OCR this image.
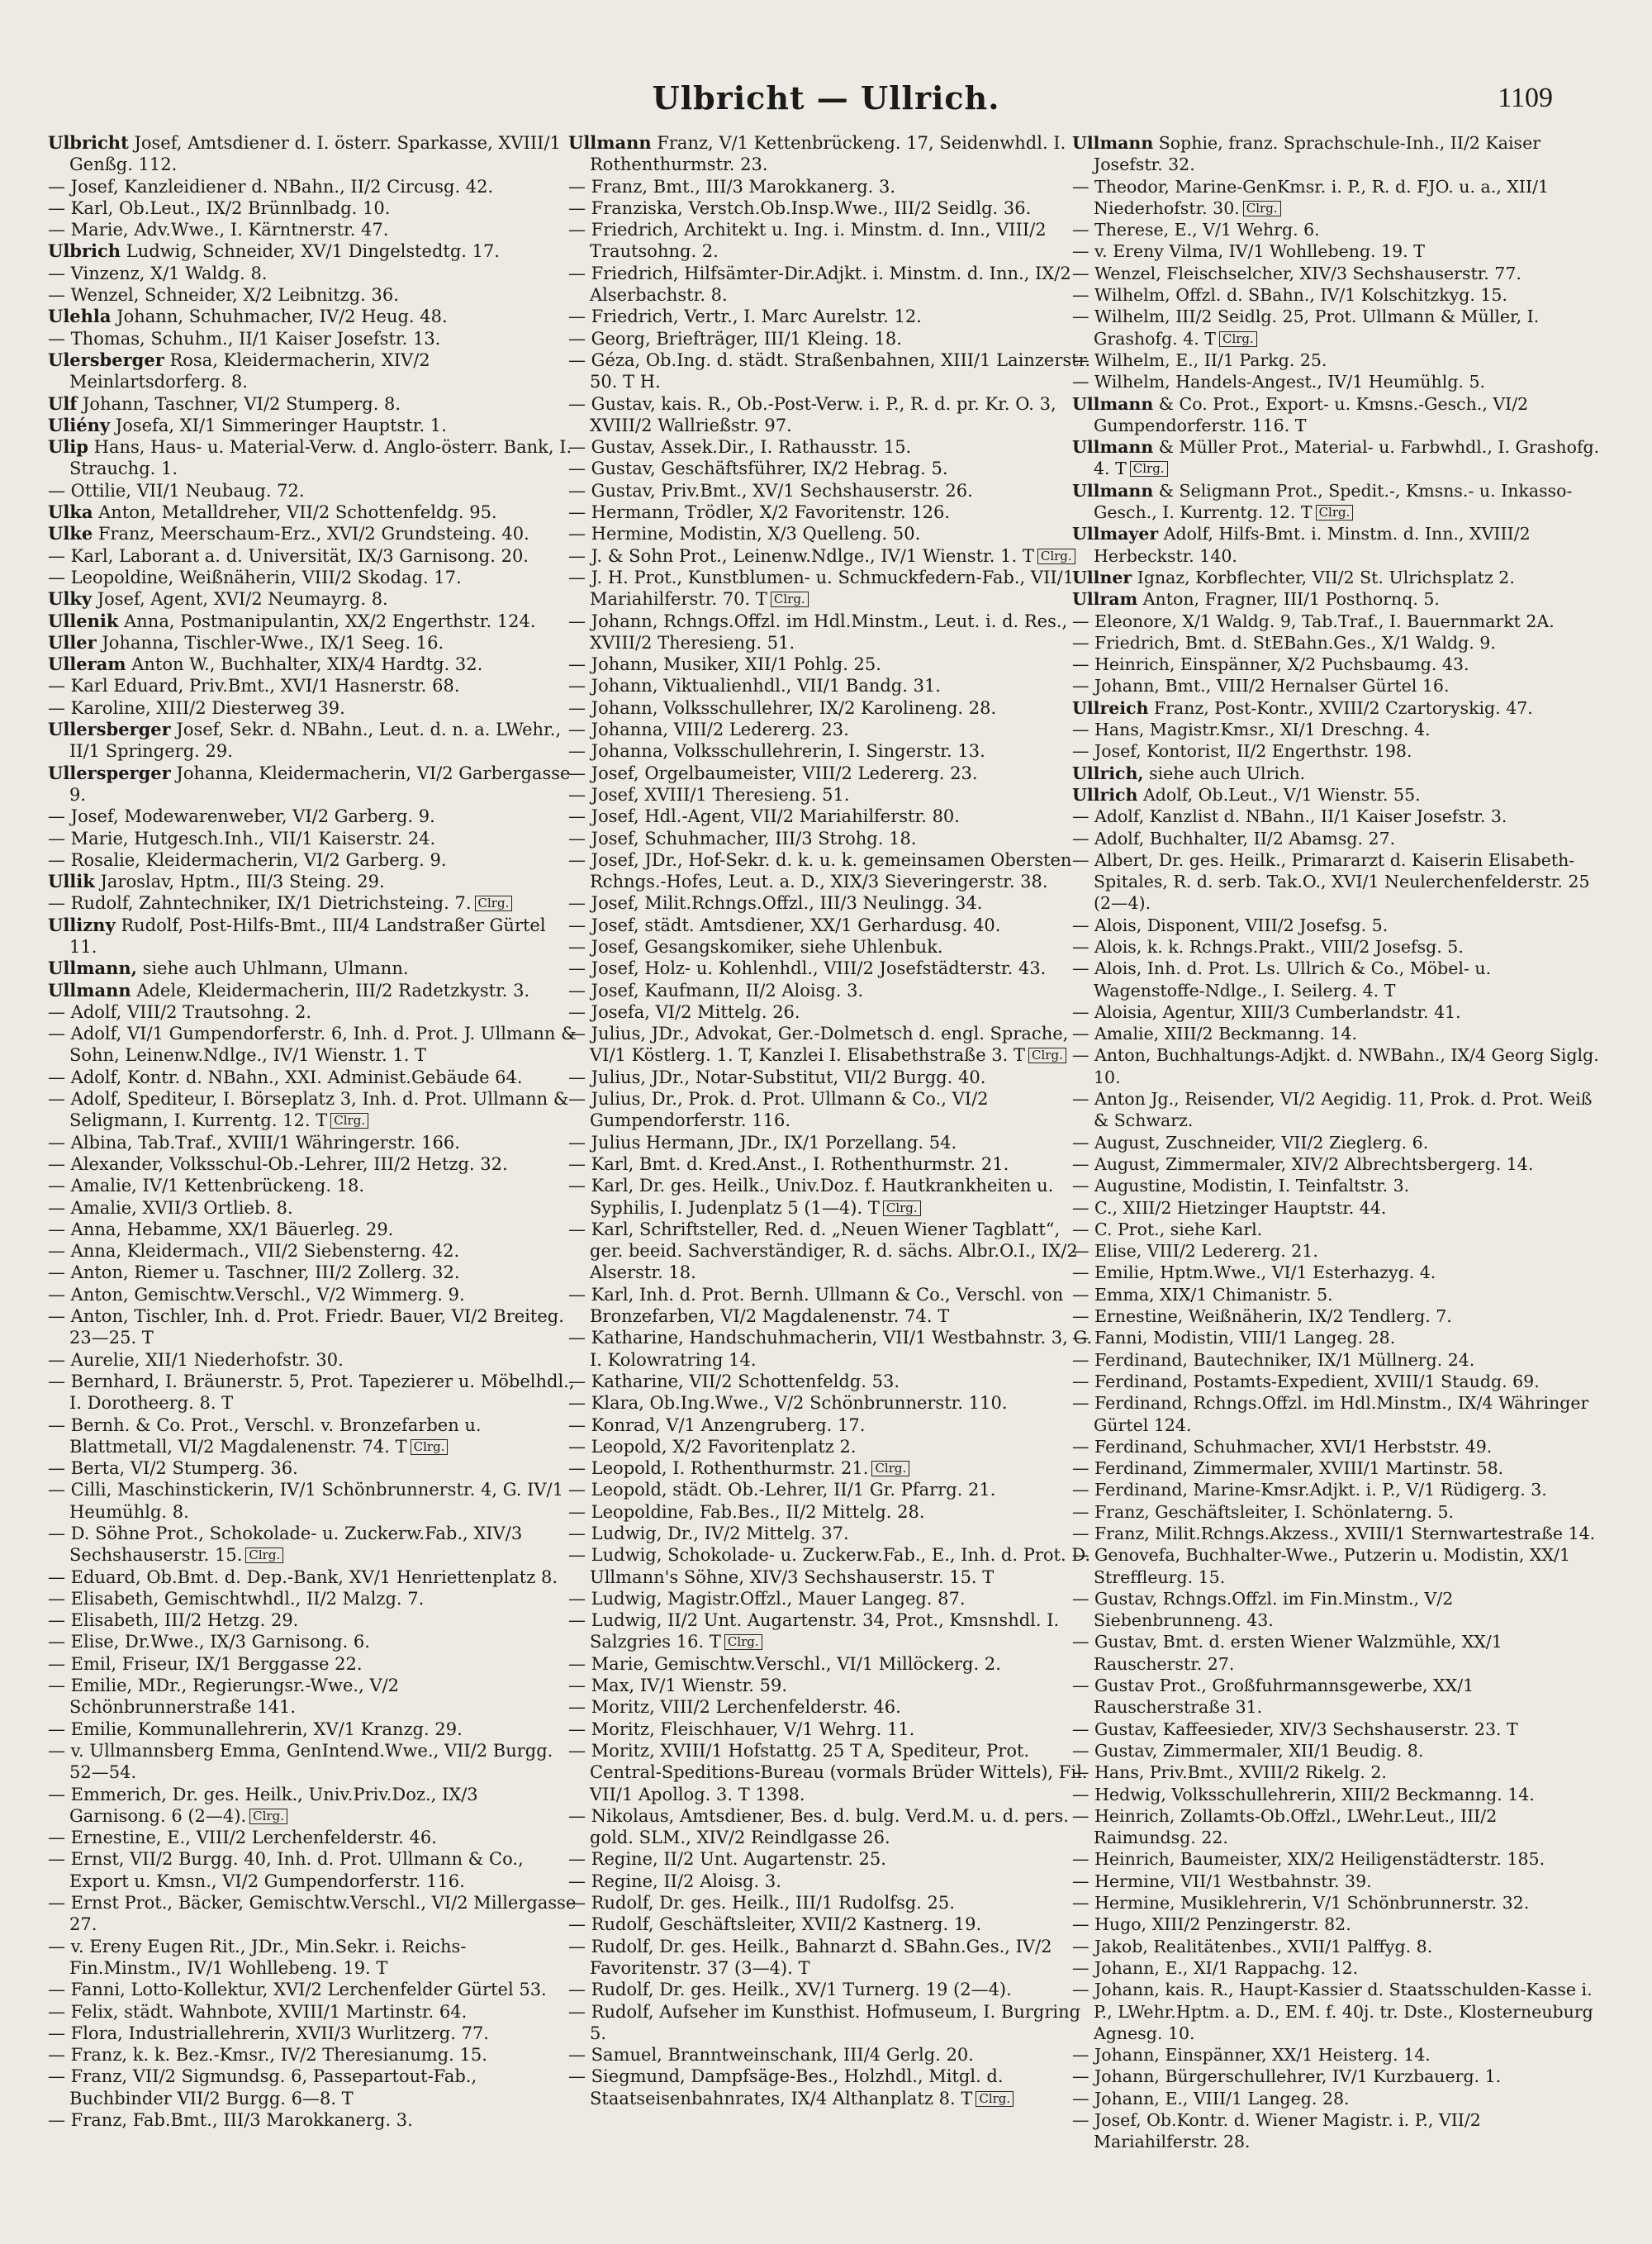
Ulbricht — Ullrich.	1109
Ulbricht Josef, Amtsdiener d. I. österr. Sparkasse, XVIII/1 Genßg. 112.
— Josef, Kanzleidiener d. NBahn., II/2 Circusg. 42.
— Karl, Ob.Leut., IX/2 Brünnlbadg. 10.
— Marie, Adv.Wwe., I. Kärntnerstr. 47.
Ulbrich Ludwig, Schneider, XV/1 Dingelstedtg. 17.
— Vinzenz, X/1 Waldg. 8.
— Wenzel, Schneider, X/2 Leibnitzg. 36.
Ulehla Johann, Schuhmacher, IV/2 Heug. 48.
— Thomas, Schuhm., II/1 Kaiser Josefstr. 13.
Ulersberger Rosa, Kleidermacherin, XIV/2 Meinlartsdorferg. 8.
Ulf Johann, Taschner, VI/2 Stumperg. 8.
Uliény Josefa, XI/1 Simmeringer Hauptstr. 1.
Ulip Hans, Haus- u. Material-Verw. d. Anglo-österr. Bank, I. Strauchg. 1.
— Ottilie, VII/1 Neubaug. 72.
Ulka Anton, Metalldreher, VII/2 Schottenfeldg. 95.
Ulke Franz, Meerschaum-Erz., XVI/2 Grundsteing. 40.
— Karl, Laborant a. d. Universität, IX/3 Garnisong. 20.
— Leopoldine, Weißnäherin, VIII/2 Skodag. 17.
Ulky Josef, Agent, XVI/2 Neumayrg. 8.
Ullenik Anna, Postmanipulantin, XX/2 Engerthstr. 124.
Uller Johanna, Tischler-Wwe., IX/1 Seeg. 16.
Ulleram Anton W., Buchhalter, XIX/4 Hardtg. 32.
— Karl Eduard, Priv.Bmt., XVI/1 Hasnerstr. 68.
— Karoline, XIII/2 Diesterweg 39.
Ullersberger Josef, Sekr. d. NBahn., Leut. d. n. a. LWehr., II/1 Springerg. 29.
Ullersperger Johanna, Kleidermacherin, VI/2 Garbergasse 9.
— Josef, Modewarenweber, VI/2 Garberg. 9.
— Marie, Hutgesch.Inh., VII/1 Kaiserstr. 24.
— Rosalie, Kleidermacherin, VI/2 Garberg. 9.
Ullik Jaroslav, Hptm., III/3 Steing. 29.
— Rudolf, Zahntechniker, IX/1 Dietrichsteing. 7. Clrg.
Ullizny Rudolf, Post-Hilfs-Bmt., III/4 Landstraßer Gürtel 11.
Ullmann, siehe auch Uhlmann, Ulmann.
Ullmann Adele, Kleidermacherin, III/2 Radetzkystr. 3.
— Adolf, VIII/2 Trautsohng. 2.
— Adolf, VI/1 Gumpendorferstr. 6, Inh. d. Prot. J. Ullmann & Sohn, Leinenw.Ndlge., IV/1 Wienstr. 1. T
— Adolf, Kontr. d. NBahn., XXI. Administ.Gebäude 64.
— Adolf, Spediteur, I. Börseplatz 3, Inh. d. Prot. Ullmann & Seligmann, I. Kurrentg. 12. T Clrg.
— Albina, Tab.Traf., XVIII/1 Währingerstr. 166.
— Alexander, Volksschul-Ob.-Lehrer, III/2 Hetzg. 32.
— Amalie, IV/1 Kettenbrückeng. 18.
— Amalie, XVII/3 Ortlieb. 8.
— Anna, Hebamme, XX/1 Bäuerleg. 29.
— Anna, Kleidermach., VII/2 Siebensterng. 42.
— Anton, Riemer u. Taschner, III/2 Zollerg. 32.
— Anton, Gemischtw.Verschl., V/2 Wimmerg. 9.
— Anton, Tischler, Inh. d. Prot. Friedr. Bauer, VI/2 Breiteg. 23—25. T
— Aurelie, XII/1 Niederhofstr. 30.
— Bernhard, I. Bräunerstr. 5, Prot. Tapezierer u. Möbelhdl., I. Dorotheerg. 8. T
— Bernh. & Co. Prot., Verschl. v. Bronzefarben u. Blattmetall, VI/2 Magdalenenstr. 74. T Clrg.
— Berta, VI/2 Stumperg. 36.
— Cilli, Maschinstickerin, IV/1 Schönbrunnerstr. 4, G. IV/1 Heumühlg. 8.
— D. Söhne Prot., Schokolade- u. Zuckerw.Fab., XIV/3 Sechshauserstr. 15. Clrg.
— Eduard, Ob.Bmt. d. Dep.-Bank, XV/1 Henriettenplatz 8.
— Elisabeth, Gemischtwhdl., II/2 Malzg. 7.
— Elisabeth, III/2 Hetzg. 29.
— Elise, Dr.Wwe., IX/3 Garnisong. 6.
— Emil, Friseur, IX/1 Berggasse 22.
— Emilie, MDr., Regierungsr.-Wwe., V/2 Schönbrunnerstraße 141.
— Emilie, Kommunallehrerin, XV/1 Kranzg. 29.
— v. Ullmannsberg Emma, GenIntend.Wwe., VII/2 Burgg. 52—54.
— Emmerich, Dr. ges. Heilk., Univ.Priv.Doz., IX/3 Garnisong. 6 (2—4). Clrg.
— Ernestine, E., VIII/2 Lerchenfelderstr. 46.
— Ernst, VII/2 Burgg. 40, Inh. d. Prot. Ullmann & Co., Export u. Kmsn., VI/2 Gumpendorferstr. 116.
— Ernst Prot., Bäcker, Gemischtw.Verschl., VI/2 Millergasse 27.
— v. Ereny Eugen Rit., JDr., Min.Sekr. i. Reichs-Fin.Minstm., IV/1 Wohllebeng. 19. T
— Fanni, Lotto-Kollektur, XVI/2 Lerchenfelder Gürtel 53.
— Felix, städt. Wahnbote, XVIII/1 Martinstr. 64.
— Flora, Industriallehrerin, XVII/3 Wurlitzerg. 77.
— Franz, k. k. Bez.-Kmsr., IV/2 Theresianumg. 15.
— Franz, VII/2 Sigmundsg. 6, Passepartout-Fab., Buchbinder VII/2 Burgg. 6—8. T
— Franz, Fab.Bmt., III/3 Marokkanerg. 3.
Ullmann Franz, V/1 Kettenbrückeng. 17, Seidenwhdl. I. Rothenthurmstr. 23.
— Franz, Bmt., III/3 Marokkanerg. 3.
— Franziska, Verstch.Ob.Insp.Wwe., III/2 Seidlg. 36.
— Friedrich, Architekt u. Ing. i. Minstm. d. Inn., VIII/2 Trautsohng. 2.
— Friedrich, Hilfsämter-Dir.Adjkt. i. Minstm. d. Inn., IX/2 Alserbachstr. 8.
— Friedrich, Vertr., I. Marc Aurelstr. 12.
— Georg, Briefträger, III/1 Kleing. 18.
— Géza, Ob.Ing. d. städt. Straßenbahnen, XIII/1 Lainzerstr. 50. T H.
— Gustav, kais. R., Ob.-Post-Verw. i. P., R. d. pr. Kr. O. 3, XVIII/2 Wallrießstr. 97.
— Gustav, Assek.Dir., I. Rathausstr. 15.
— Gustav, Geschäftsführer, IX/2 Hebrag. 5.
— Gustav, Priv.Bmt., XV/1 Sechshauserstr. 26.
— Hermann, Trödler, X/2 Favoritenstr. 126.
— Hermine, Modistin, X/3 Quelleng. 50.
— J. & Sohn Prot., Leinenw.Ndlge., IV/1 Wienstr. 1. T Clrg.
— J. H. Prot., Kunstblumen- u. Schmuckfedern-Fab., VII/1 Mariahilferstr. 70. T Clrg.
— Johann, Rchngs.Offzl. im Hdl.Minstm., Leut. i. d. Res., XVIII/2 Theresieng. 51.
— Johann, Musiker, XII/1 Pohlg. 25.
— Johann, Viktualienhdl., VII/1 Bandg. 31.
— Johann, Volksschullehrer, IX/2 Karolineng. 28.
— Johanna, VIII/2 Ledererg. 23.
— Johanna, Volksschullehrerin, I. Singerstr. 13.
— Josef, Orgelbaumeister, VIII/2 Ledererg. 23.
— Josef, XVIII/1 Theresieng. 51.
— Josef, Hdl.-Agent, VII/2 Mariahilferstr. 80.
— Josef, Schuhmacher, III/3 Strohg. 18.
— Josef, JDr., Hof-Sekr. d. k. u. k. gemeinsamen Obersten Rchngs.-Hofes, Leut. a. D., XIX/3 Sieveringerstr. 38.
— Josef, Milit.Rchngs.Offzl., III/3 Neulingg. 34.
— Josef, städt. Amtsdiener, XX/1 Gerhardusg. 40.
— Josef, Gesangskomiker, siehe Uhlenbuk.
— Josef, Holz- u. Kohlenhdl., VIII/2 Josefstädterstr. 43.
— Josef, Kaufmann, II/2 Aloisg. 3.
— Josefa, VI/2 Mittelg. 26.
— Julius, JDr., Advokat, Ger.-Dolmetsch d. engl. Sprache, VI/1 Köstlerg. 1. T, Kanzlei I. Elisabethstraße 3. T Clrg.
— Julius, JDr., Notar-Substitut, VII/2 Burgg. 40.
— Julius, Dr., Prok. d. Prot. Ullmann & Co., VI/2 Gumpendorferstr. 116.
— Julius Hermann, JDr., IX/1 Porzellang. 54.
— Karl, Bmt. d. Kred.Anst., I. Rothenthurmstr. 21.
— Karl, Dr. ges. Heilk., Univ.Doz. f. Hautkrankheiten u. Syphilis, I. Judenplatz 5 (1—4). T Clrg.
— Karl, Schriftsteller, Red. d. „Neuen Wiener Tagblatt“, ger. beeid. Sachverständiger, R. d. sächs. Albr.O.I., IX/2 Alserstr. 18.
— Karl, Inh. d. Prot. Bernh. Ullmann & Co., Verschl. von Bronzefarben, VI/2 Magdalenenstr. 74. T
— Katharine, Handschuhmacherin, VII/1 Westbahnstr. 3, G. I. Kolowratring 14.
— Katharine, VII/2 Schottenfeldg. 53.
— Klara, Ob.Ing.Wwe., V/2 Schönbrunnerstr. 110.
— Konrad, V/1 Anzengruberg. 17.
— Leopold, X/2 Favoritenplatz 2.
— Leopold, I. Rothenthurmstr. 21. Clrg.
— Leopold, städt. Ob.-Lehrer, II/1 Gr. Pfarrg. 21.
— Leopoldine, Fab.Bes., II/2 Mittelg. 28.
— Ludwig, Dr., IV/2 Mittelg. 37.
— Ludwig, Schokolade- u. Zuckerw.Fab., E., Inh. d. Prot. D. Ullmann's Söhne, XIV/3 Sechshauserstr. 15. T
— Ludwig, Magistr.Offzl., Mauer Langeg. 87.
— Ludwig, II/2 Unt. Augartenstr. 34, Prot., Kmsnshdl. I. Salzgries 16. T Clrg.
— Marie, Gemischtw.Verschl., VI/1 Millöckerg. 2.
— Max, IV/1 Wienstr. 59.
— Moritz, VIII/2 Lerchenfelderstr. 46.
— Moritz, Fleischhauer, V/1 Wehrg. 11.
— Moritz, XVIII/1 Hofstattg. 25 T A, Spediteur, Prot. Central-Speditions-Bureau (vormals Brüder Wittels), Fil. VII/1 Apollog. 3. T 1398.
— Nikolaus, Amtsdiener, Bes. d. bulg. Verd.M. u. d. pers. gold. SLM., XIV/2 Reindlgasse 26.
— Regine, II/2 Unt. Augartenstr. 25.
— Regine, II/2 Aloisg. 3.
— Rudolf, Dr. ges. Heilk., III/1 Rudolfsg. 25.
— Rudolf, Geschäftsleiter, XVII/2 Kastnerg. 19.
— Rudolf, Dr. ges. Heilk., Bahnarzt d. SBahn.Ges., IV/2 Favoritenstr. 37 (3—4). T
— Rudolf, Dr. ges. Heilk., XV/1 Turnerg. 19 (2—4).
— Rudolf, Aufseher im Kunsthist. Hofmuseum, I. Burgring 5.
— Samuel, Branntweinschank, III/4 Gerlg. 20.
— Siegmund, Dampfsäge-Bes., Holzhdl., Mitgl. d. Staatseisenbahnrates, IX/4 Althanplatz 8. T Clrg.
Ullmann Sophie, franz. Sprachschule-Inh., II/2 Kaiser Josefstr. 32.
— Theodor, Marine-GenKmsr. i. P., R. d. FJO. u. a., XII/1 Niederhofstr. 30. Clrg.
— Therese, E., V/1 Wehrg. 6.
— v. Ereny Vilma, IV/1 Wohllebeng. 19. T
— Wenzel, Fleischselcher, XIV/3 Sechshauserstr. 77.
— Wilhelm, Offzl. d. SBahn., IV/1 Kolschitzkyg. 15.
— Wilhelm, III/2 Seidlg. 25, Prot. Ullmann & Müller, I. Grashofg. 4. T Clrg.
— Wilhelm, E., II/1 Parkg. 25.
— Wilhelm, Handels-Angest., IV/1 Heumühlg. 5.
Ullmann & Co. Prot., Export- u. Kmsns.-Gesch., VI/2 Gumpendorferstr. 116. T
Ullmann & Müller Prot., Material- u. Farbwhdl., I. Grashofg. 4. T Clrg.
Ullmann & Seligmann Prot., Spedit.-, Kmsns.- u. Inkasso-Gesch., I. Kurrentg. 12. T Clrg.
Ullmayer Adolf, Hilfs-Bmt. i. Minstm. d. Inn., XVIII/2 Herbeckstr. 140.
Ullner Ignaz, Korbflechter, VII/2 St. Ulrichsplatz 2.
Ullram Anton, Fragner, III/1 Posthornq. 5.
— Eleonore, X/1 Waldg. 9, Tab.Traf., I. Bauernmarkt 2A.
— Friedrich, Bmt. d. StEBahn.Ges., X/1 Waldg. 9.
— Heinrich, Einspänner, X/2 Puchsbaumg. 43.
— Johann, Bmt., VIII/2 Hernalser Gürtel 16.
Ullreich Franz, Post-Kontr., XVIII/2 Czartoryskig. 47.
— Hans, Magistr.Kmsr., XI/1 Dreschng. 4.
— Josef, Kontorist, II/2 Engerthstr. 198.
Ullrich, siehe auch Ulrich.
Ullrich Adolf, Ob.Leut., V/1 Wienstr. 55.
— Adolf, Kanzlist d. NBahn., II/1 Kaiser Josefstr. 3.
— Adolf, Buchhalter, II/2 Abamsg. 27.
— Albert, Dr. ges. Heilk., Primararzt d. Kaiserin Elisabeth-Spitales, R. d. serb. Tak.O., XVI/1 Neulerchenfelderstr. 25 (2—4).
— Alois, Disponent, VIII/2 Josefsg. 5.
— Alois, k. k. Rchngs.Prakt., VIII/2 Josefsg. 5.
— Alois, Inh. d. Prot. Ls. Ullrich & Co., Möbel- u. Wagenstoffe-Ndlge., I. Seilerg. 4. T
— Aloisia, Agentur, XIII/3 Cumberlandstr. 41.
— Amalie, XIII/2 Beckmanng. 14.
— Anton, Buchhaltungs-Adjkt. d. NWBahn., IX/4 Georg Siglg. 10.
— Anton Jg., Reisender, VI/2 Aegidig. 11, Prok. d. Prot. Weiß & Schwarz.
— August, Zuschneider, VII/2 Zieglerg. 6.
— August, Zimmermaler, XIV/2 Albrechtsbergerg. 14.
— Augustine, Modistin, I. Teinfaltstr. 3.
— C., XIII/2 Hietzinger Hauptstr. 44.
— C. Prot., siehe Karl.
— Elise, VIII/2 Ledererg. 21.
— Emilie, Hptm.Wwe., VI/1 Esterhazyg. 4.
— Emma, XIX/1 Chimanistr. 5.
— Ernestine, Weißnäherin, IX/2 Tendlerg. 7.
— Fanni, Modistin, VIII/1 Langeg. 28.
— Ferdinand, Bautechniker, IX/1 Müllnerg. 24.
— Ferdinand, Postamts-Expedient, XVIII/1 Staudg. 69.
— Ferdinand, Rchngs.Offzl. im Hdl.Minstm., IX/4 Währinger Gürtel 124.
— Ferdinand, Schuhmacher, XVI/1 Herbststr. 49.
— Ferdinand, Zimmermaler, XVIII/1 Martinstr. 58.
— Ferdinand, Marine-Kmsr.Adjkt. i. P., V/1 Rüdigerg. 3.
— Franz, Geschäftsleiter, I. Schönlaterng. 5.
— Franz, Milit.Rchngs.Akzess., XVIII/1 Sternwartestraße 14.
— Genovefa, Buchhalter-Wwe., Putzerin u. Modistin, XX/1 Streffleurg. 15.
— Gustav, Rchngs.Offzl. im Fin.Minstm., V/2 Siebenbrunneng. 43.
— Gustav, Bmt. d. ersten Wiener Walzmühle, XX/1 Rauscherstr. 27.
— Gustav Prot., Großfuhrmannsgewerbe, XX/1 Rauscherstraße 31.
— Gustav, Kaffeesieder, XIV/3 Sechshauserstr. 23. T
— Gustav, Zimmermaler, XII/1 Beudig. 8.
— Hans, Priv.Bmt., XVIII/2 Rikelg. 2.
— Hedwig, Volksschullehrerin, XIII/2 Beckmanng. 14.
— Heinrich, Zollamts-Ob.Offzl., LWehr.Leut., III/2 Raimundsg. 22.
— Heinrich, Baumeister, XIX/2 Heiligenstädterstr. 185.
— Hermine, VII/1 Westbahnstr. 39.
— Hermine, Musiklehrerin, V/1 Schönbrunnerstr. 32.
— Hugo, XIII/2 Penzingerstr. 82.
— Jakob, Realitätenbes., XVII/1 Palffyg. 8.
— Johann, E., XI/1 Rappachg. 12.
— Johann, kais. R., Haupt-Kassier d. Staatsschulden-Kasse i. P., LWehr.Hptm. a. D., EM. f. 40j. tr. Dste., Klosterneuburg Agnesg. 10.
— Johann, Einspänner, XX/1 Heisterg. 14.
— Johann, Bürgerschullehrer, IV/1 Kurzbauerg. 1.
— Johann, E., VIII/1 Langeg. 28.
— Josef, Ob.Kontr. d. Wiener Magistr. i. P., VII/2 Mariahilferstr. 28.
